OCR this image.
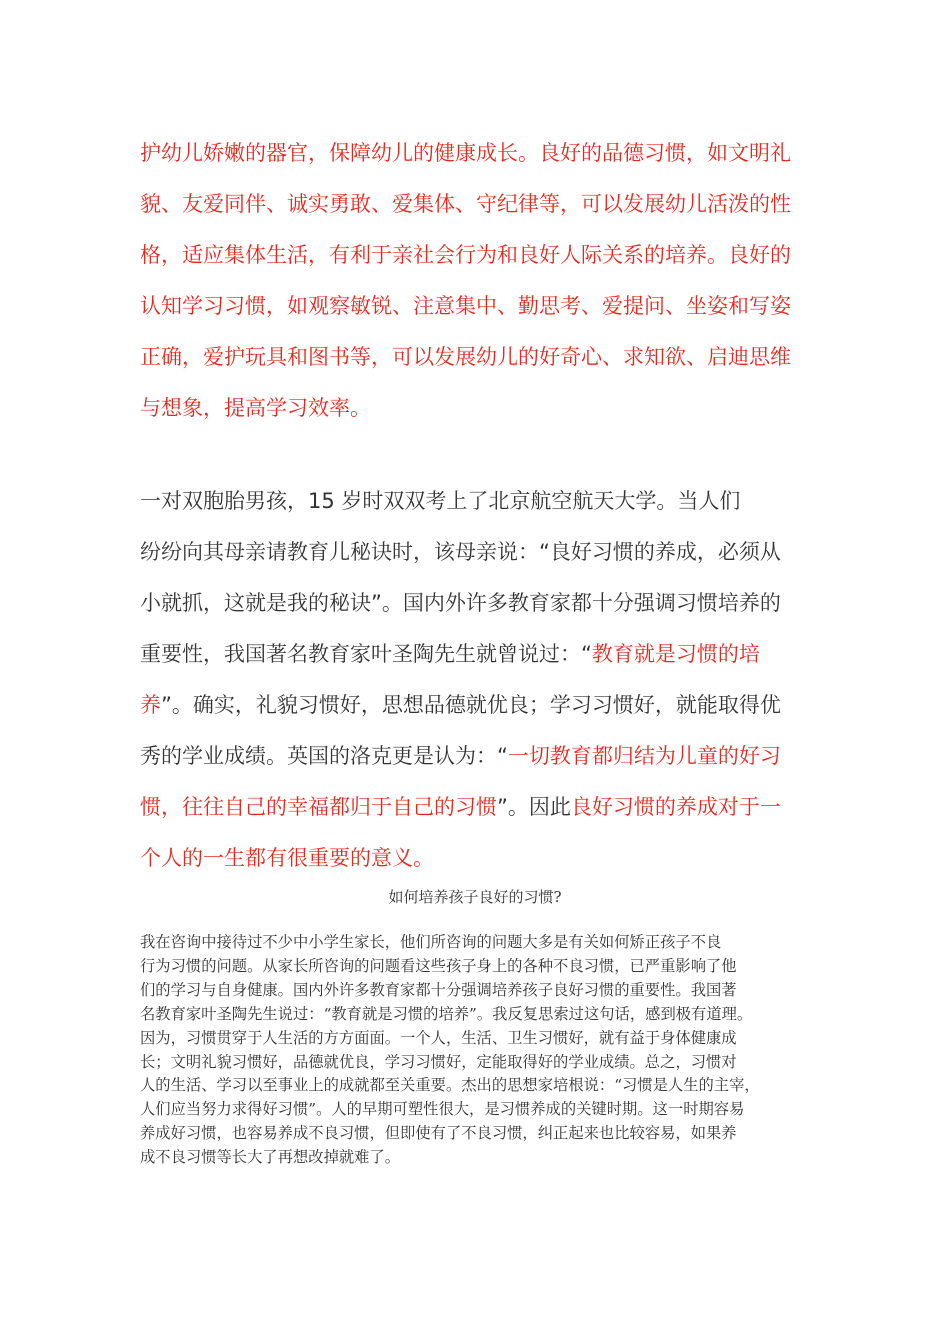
护幼儿娇嫩的器官，保障幼儿的健康成长。良好的品德习惯，如文明礼
貌、友爱同伴、诚实勇敢、爱集体、守纪律等，可以发展幼儿活泼的性
格，适应集体生活，有利于亲社会行为和良好人际关系的培养。良好的
认知学习习惯，如观察敏锐、注意集中、勤思考、爱提问、坐姿和写姿
正确，爱护玩具和图书等，可以发展幼儿的好奇心、求知欲、启迪思维
与想象，提高学习效率。

一对双胞胎男孩，15 岁时双双考上了北京航空航天大学。当人们
纷纷向其母亲请教育儿秘诀时，该母亲说：“良好习惯的养成，必须从
小就抓，这就是我的秘诀”。国内外许多教育家都十分强调习惯培养的
重要性，我国著名教育家叶圣陶先生就曾说过：“教育就是习惯的培
养”。确实，礼貌习惯好，思想品德就优良；学习习惯好，就能取得优
秀的学业成绩。英国的洛克更是认为：“一切教育都归结为儿童的好习
惯，往往自己的幸福都归于自己的习惯”。因此良好习惯的养成对于一
个人的一生都有很重要的意义。

如何培养孩子良好的习惯?

我在咨询中接待过不少中小学生家长，他们所咨询的问题大多是有关如何矫正孩子不良
行为习惯的问题。从家长所咨询的问题看这些孩子身上的各种不良习惯，已严重影响了他
们的学习与自身健康。国内外许多教育家都十分强调培养孩子良好习惯的重要性。我国著
名教育家叶圣陶先生说过：“教育就是习惯的培养”。我反复思索过这句话，感到极有道理。
因为，习惯贯穿于人生活的方方面面。一个人，生活、卫生习惯好，就有益于身体健康成
长；文明礼貌习惯好，品德就优良，学习习惯好，定能取得好的学业成绩。总之，习惯对
人的生活、学习以至事业上的成就都至关重要。杰出的思想家培根说：“习惯是人生的主宰，
人们应当努力求得好习惯”。人的早期可塑性很大，是习惯养成的关键时期。这一时期容易
养成好习惯，也容易养成不良习惯，但即使有了不良习惯，纠正起来也比较容易，如果养
成不良习惯等长大了再想改掉就难了。
